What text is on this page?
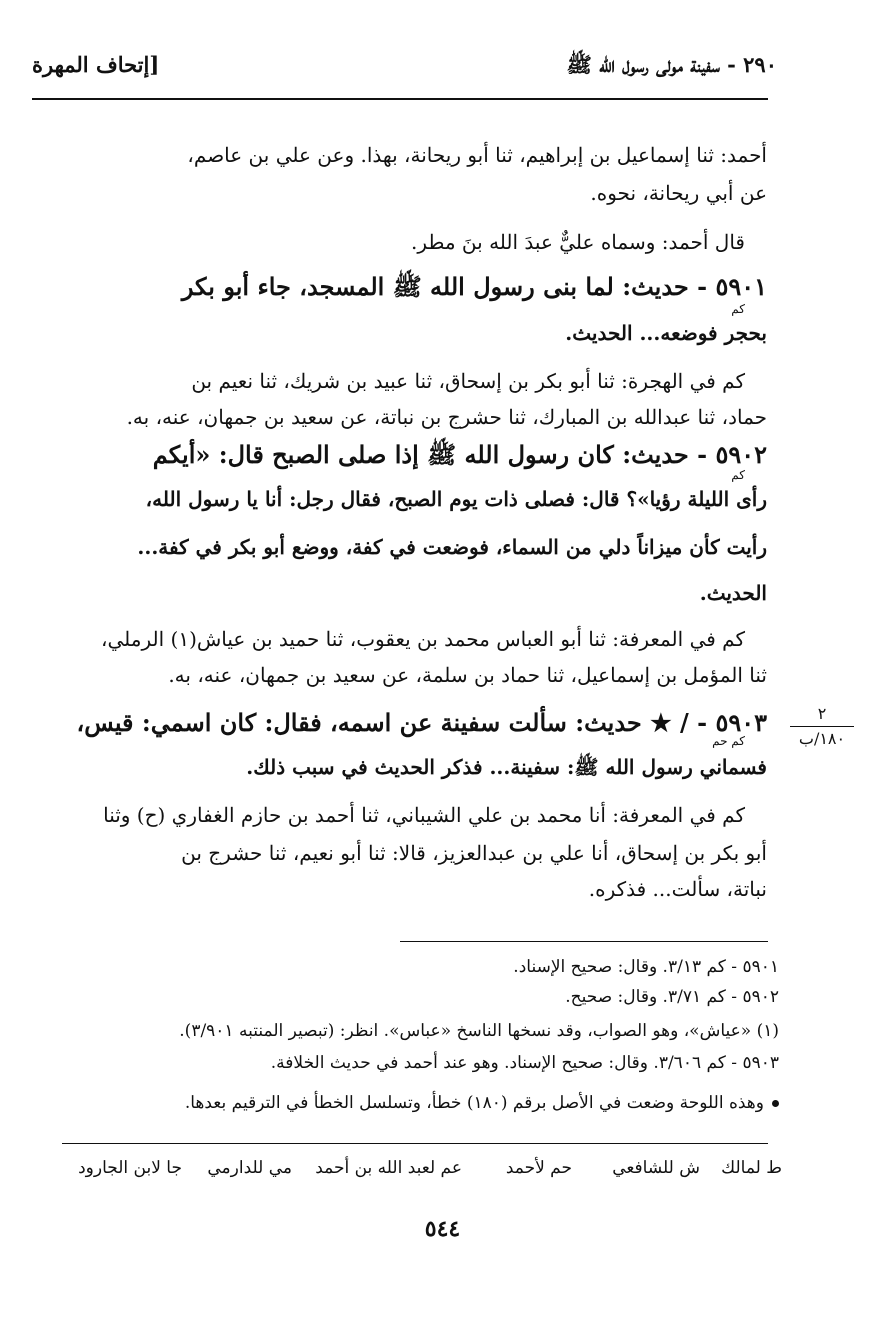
٢٩٠ - سفينة مولى رسول الله ﷺ
[إتحاف المهرة
أحمد: ثنا إسماعيل بن إبراهيم، ثنا أبو ريحانة، بهذا. وعن علي بن عاصم،
عن أبي ريحانة، نحوه.
قال أحمد: وسماه عليٌّ عبدَ الله بنَ مطر.
٥٩٠١ - حديث: لما بنى رسول الله ﷺ المسجد، جاء أبو بكر
كم
بحجر فوضعه... الحديث.
كم في الهجرة: ثنا أبو بكر بن إسحاق، ثنا عبيد بن شريك، ثنا نعيم بن
حماد، ثنا عبدالله بن المبارك، ثنا حشرج بن نباتة، عن سعيد بن جمهان، عنه، به.
٥٩٠٢ - حديث: كان رسول الله ﷺ إذا صلى الصبح قال: «أيكم
كم
رأى الليلة رؤيا»؟ قال: فصلى ذات يوم الصبح، فقال رجل: أنا يا رسول الله،
رأيت كأن ميزاناً دلي من السماء، فوضعت في كفة، ووضع أبو بكر في كفة...
الحديث.
كم في المعرفة: ثنا أبو العباس محمد بن يعقوب، ثنا حميد بن عياش(١) الرملي،
ثنا المؤمل بن إسماعيل، ثنا حماد بن سلمة، عن سعيد بن جمهان، عنه، به.
٥٩٠٣ - / ★ حديث: سألت سفينة عن اسمه، فقال: كان اسمي: قيس،
كم حم
فسماني رسول الله ﷺ: سفينة... فذكر الحديث في سبب ذلك.
كم في المعرفة: أنا محمد بن علي الشيباني، ثنا أحمد بن حازم الغفاري (ح) وثنا
أبو بكر بن إسحاق، أنا علي بن عبدالعزيز، قالا: ثنا أبو نعيم، ثنا حشرج بن
نباتة، سألت... فذكره.
٢
١٨٠/ب
٥٩٠١ - كم ٣/١٣. وقال: صحيح الإسناد.
٥٩٠٢ - كم ٣/٧١. وقال: صحيح.
(١) «عياش»، وهو الصواب، وقد نسخها الناسخ «عباس». انظر: (تبصير المنتبه ٣/٩٠١).
٥٩٠٣ - كم ٣/٦٠٦. وقال: صحيح الإسناد. وهو عند أحمد في حديث الخلافة.
وهذه اللوحة وضعت في الأصل برقم (١٨٠) خطأ، وتسلسل الخطأ في الترقيم بعدها.
ط لمالك
ش للشافعي
حم لأحمد
عم لعبد الله بن أحمد
مي للدارمي
جا لابن الجارود
٥٤٤
